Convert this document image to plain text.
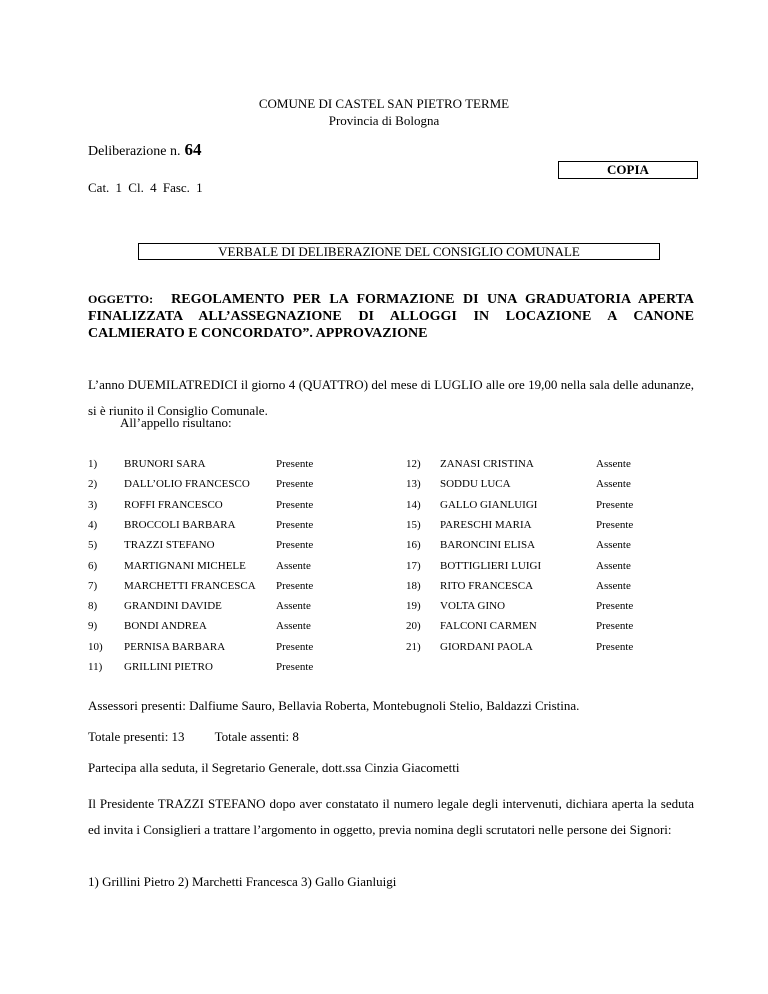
COMUNE DI CASTEL SAN PIETRO TERME
Provincia di Bologna
Deliberazione n. 64
COPIA
Cat. 1 Cl. 4 Fasc. 1
VERBALE DI DELIBERAZIONE DEL CONSIGLIO COMUNALE
OGGETTO: REGOLAMENTO PER LA FORMAZIONE DI UNA GRADUATORIA APERTA FINALIZZATA ALL’ASSEGNAZIONE DI ALLOGGI IN LOCAZIONE A CANONE CALMIERATO E CONCORDATO”. APPROVAZIONE
L’anno DUEMILATREDICI il giorno 4 (QUATTRO) del mese di LUGLIO alle ore 19,00 nella sala delle adunanze, si è riunito il Consiglio Comunale.
All’appello risultano:
1) BRUNORI SARA	Presente	12) ZANASI CRISTINA	Assente
2) DALL’OLIO FRANCESCO Presente	13) SODDU LUCA	Assente
3) ROFFI FRANCESCO	Presente	14) GALLO GIANLUIGI	Presente
4) BROCCOLI BARBARA	Presente	15) PARESCHI MARIA	Presente
5) TRAZZI STEFANO	Presente	16) BARONCINI ELISA	Assente
6) MARTIGNANI MICHELE	Assente	17) BOTTIGLIERI LUIGI	Assente
7) MARCHETTI FRANCESCA Presente	18) RITO FRANCESCA	Assente
8) GRANDINI DAVIDE	Assente	19) VOLTA GINO	Presente
9) BONDI ANDREA	Assente	20) FALCONI CARMEN	Presente
10) PERNISA BARBARA	Presente	21) GIORDANI PAOLA	Presente
11) GRILLINI PIETRO	Presente
Assessori presenti: Dalfiume Sauro, Bellavia Roberta, Montebugnoli Stelio, Baldazzi Cristina.
Totale presenti: 13 Totale assenti: 8
Partecipa alla seduta, il Segretario Generale, dott.ssa Cinzia Giacometti
Il Presidente TRAZZI STEFANO dopo aver constatato il numero legale degli intervenuti, dichiara aperta la seduta ed invita i Consiglieri a trattare l’argomento in oggetto, previa nomina degli scrutatori nelle persone dei Signori:
1) Grillini Pietro 2) Marchetti Francesca 3) Gallo Gianluigi
